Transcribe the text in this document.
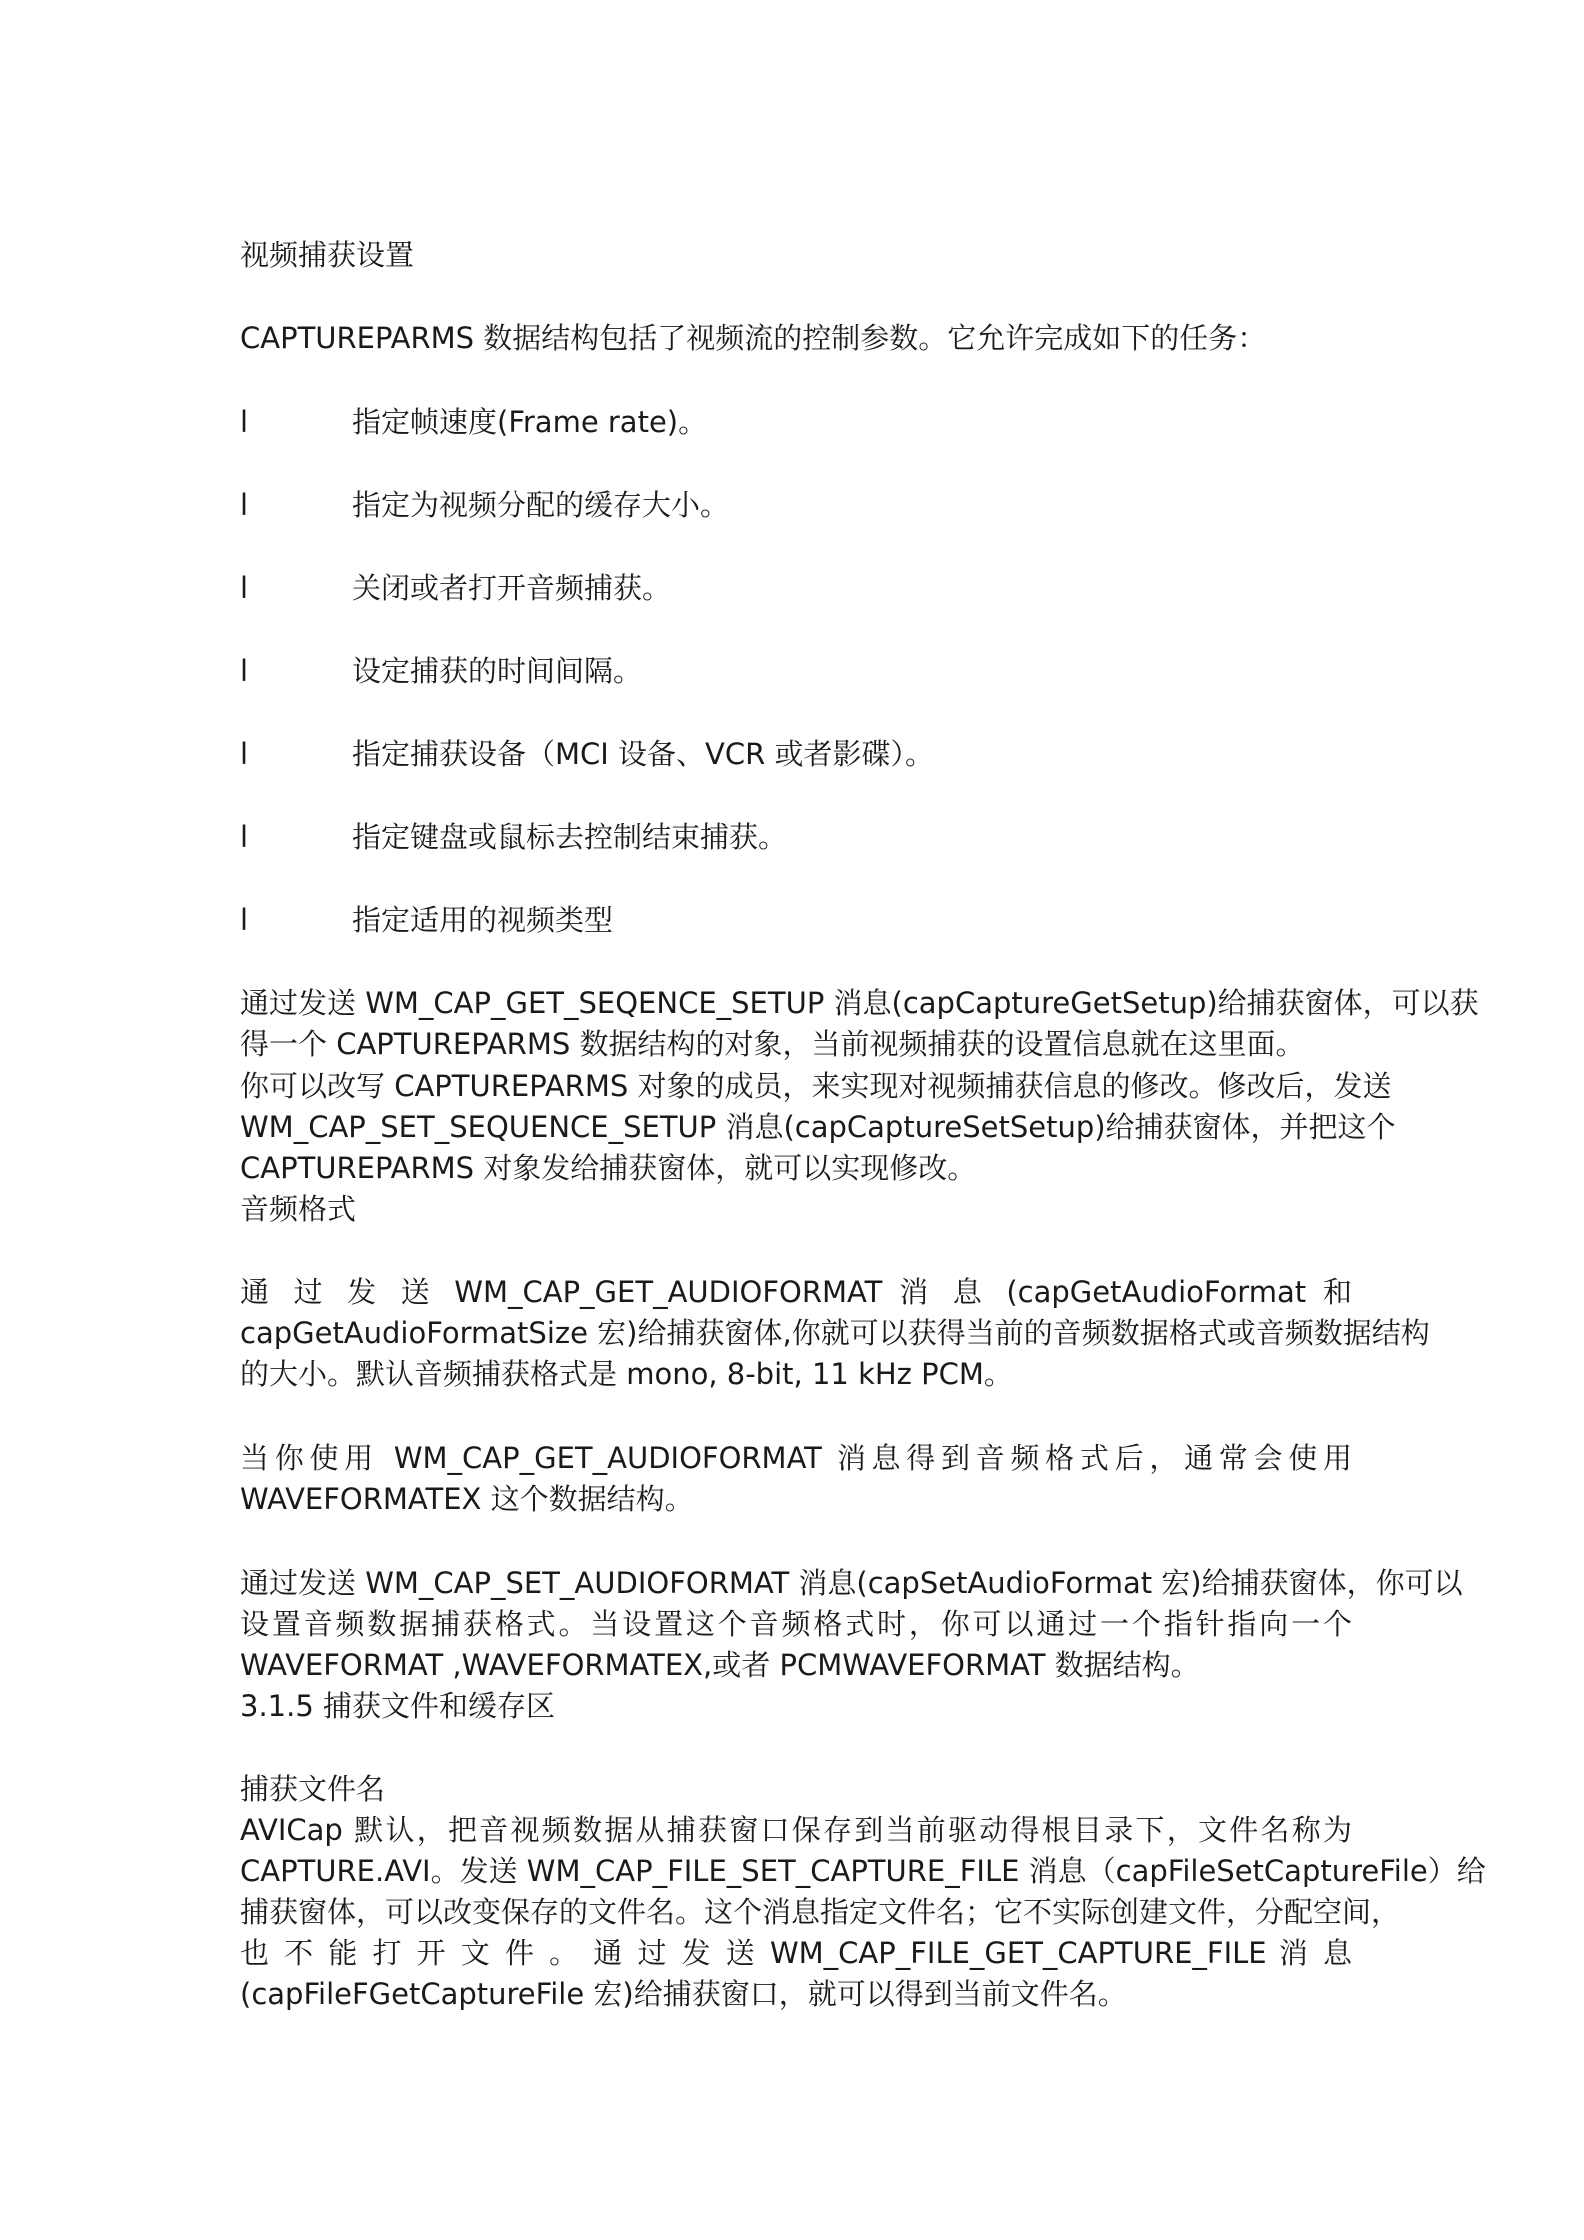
视频捕获设置
CAPTUREPARMS 数据结构包括了视频流的控制参数。它允许完成如下的任务：
l	指定帧速度(Frame rate)。
l	指定为视频分配的缓存大小。
l	关闭或者打开音频捕获。
l	设定捕获的时间间隔。
l	指定捕获设备（MCI 设备、VCR 或者影碟）。
l	指定键盘或鼠标去控制结束捕获。
l	指定适用的视频类型
通过发送 WM_CAP_GET_SEQENCE_SETUP 消息(capCaptureGetSetup)给捕获窗体，可以获
得一个 CAPTUREPARMS 数据结构的对象，当前视频捕获的设置信息就在这里面。
你可以改写 CAPTUREPARMS 对象的成员，来实现对视频捕获信息的修改。修改后，发送
WM_CAP_SET_SEQUENCE_SETUP 消息(capCaptureSetSetup)给捕获窗体，并把这个
CAPTUREPARMS 对象发给捕获窗体，就可以实现修改。
音频格式
通 过 发 送 WM_CAP_GET_AUDIOFORMAT 消 息 (capGetAudioFormat 和
capGetAudioFormatSize 宏)给捕获窗体,你就可以获得当前的音频数据格式或音频数据结构
的大小。默认音频捕获格式是 mono, 8-bit, 11 kHz PCM。
当你使用 WM_CAP_GET_AUDIOFORMAT 消息得到音频格式后，通常会使用
WAVEFORMATEX 这个数据结构。
通过发送 WM_CAP_SET_AUDIOFORMAT 消息(capSetAudioFormat 宏)给捕获窗体，你可以
设置音频数据捕获格式。当设置这个音频格式时，你可以通过一个指针指向一个
WAVEFORMAT ,WAVEFORMATEX,或者 PCMWAVEFORMAT 数据结构。
3.1.5 捕获文件和缓存区
捕获文件名
AVICap 默认，把音视频数据从捕获窗口保存到当前驱动得根目录下，文件名称为
CAPTURE.AVI。发送 WM_CAP_FILE_SET_CAPTURE_FILE 消息（capFileSetCaptureFile）给
捕获窗体，可以改变保存的文件名。这个消息指定文件名；它不实际创建文件，分配空间，
也 不 能 打 开 文 件 。 通 过 发 送 WM_CAP_FILE_GET_CAPTURE_FILE 消 息
(capFileFGetCaptureFile 宏)给捕获窗口，就可以得到当前文件名。
